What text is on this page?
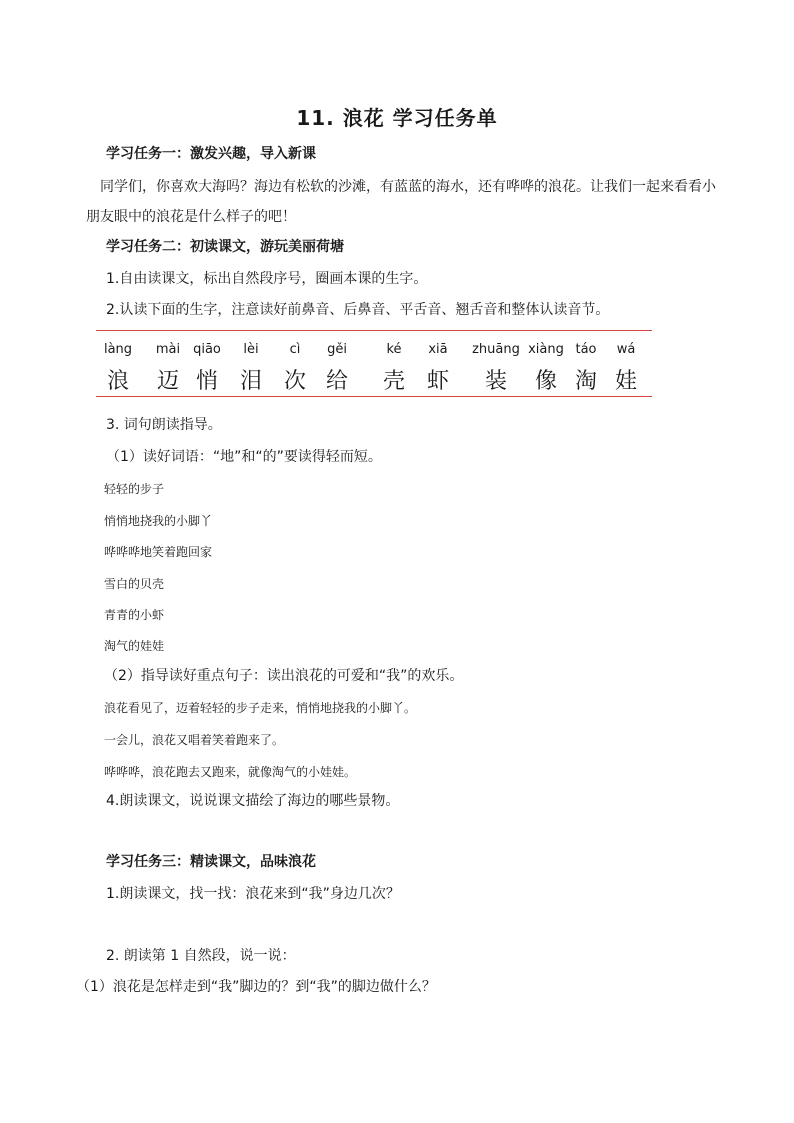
11. 浪花 学习任务单
学习任务一：激发兴趣，导入新课
同学们，你喜欢大海吗？海边有松软的沙滩，有蓝蓝的海水，还有哗哗的浪花。让我们一起来看看小朋友眼中的浪花是什么样子的吧！
学习任务二：初读课文，游玩美丽荷塘
1.自由读课文，标出自然段序号，圈画本课的生字。
2.认读下面的生字，注意读好前鼻音、后鼻音、平舌音、翘舌音和整体认读音节。
làng
浪
mài
迈
qiāo
悄
lèi
泪
cì
次
gěi
给
ké
壳
xiā
虾
zhuāng
装
xiàng
像
táo
淘
wá
娃
3. 词句朗读指导。
（1）读好词语：“地”和“的”要读得轻而短。
轻轻的步子
悄悄地挠我的小脚丫
哗哗哗地笑着跑回家
雪白的贝壳
青青的小虾
淘气的娃娃
（2）指导读好重点句子：读出浪花的可爱和“我”的欢乐。
浪花看见了，迈着轻轻的步子走来，悄悄地挠我的小脚丫。
一会儿，浪花又唱着笑着跑来了。
哗哗哗，浪花跑去又跑来，就像淘气的小娃娃。
4.朗读课文，说说课文描绘了海边的哪些景物。
学习任务三：精读课文，品味浪花
1.朗读课文，找一找：浪花来到“我”身边几次？
2. 朗读第 1 自然段，说一说：
（1）浪花是怎样走到“我”脚边的？到“我”的脚边做什么？
